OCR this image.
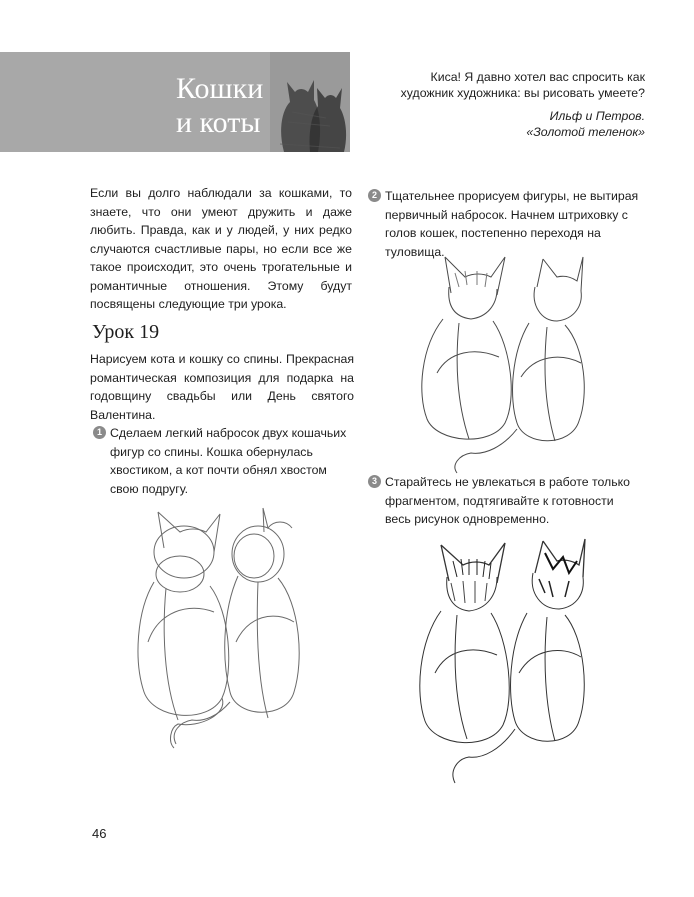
Кошки
и коты

Киса! Я давно хотел вас спросить как художник художника: вы рисовать умеете?

Ильф и Петров.
«Золотой теленок»

Если вы долго наблюдали за кошками, то знаете, что они умеют дружить и даже любить. Правда, как и у людей, у них редко случаются счастливые пары, но если все же такое происходит, это очень трогательные и романтичные отношения. Этому будут посвящены следующие три урока.

Урок 19

Нарисуем кота и кошку со спины. Прекрасная романтическая композиция для подарка на годовщину свадьбы или День святого Валентина.

1 Сделаем легкий набросок двух кошачьих фигур со спины. Кошка обернулась хвостиком, а кот почти обнял хвостом свою подругу.

2 Тщательнее прорисуем фигуры, не вытирая первичный набросок. Начнем штриховку с голов кошек, постепенно переходя на туловища.

3 Старайтесь не увлекаться в работе только фрагментом, подтягивайте к готовности весь рисунок одновременно.

46
